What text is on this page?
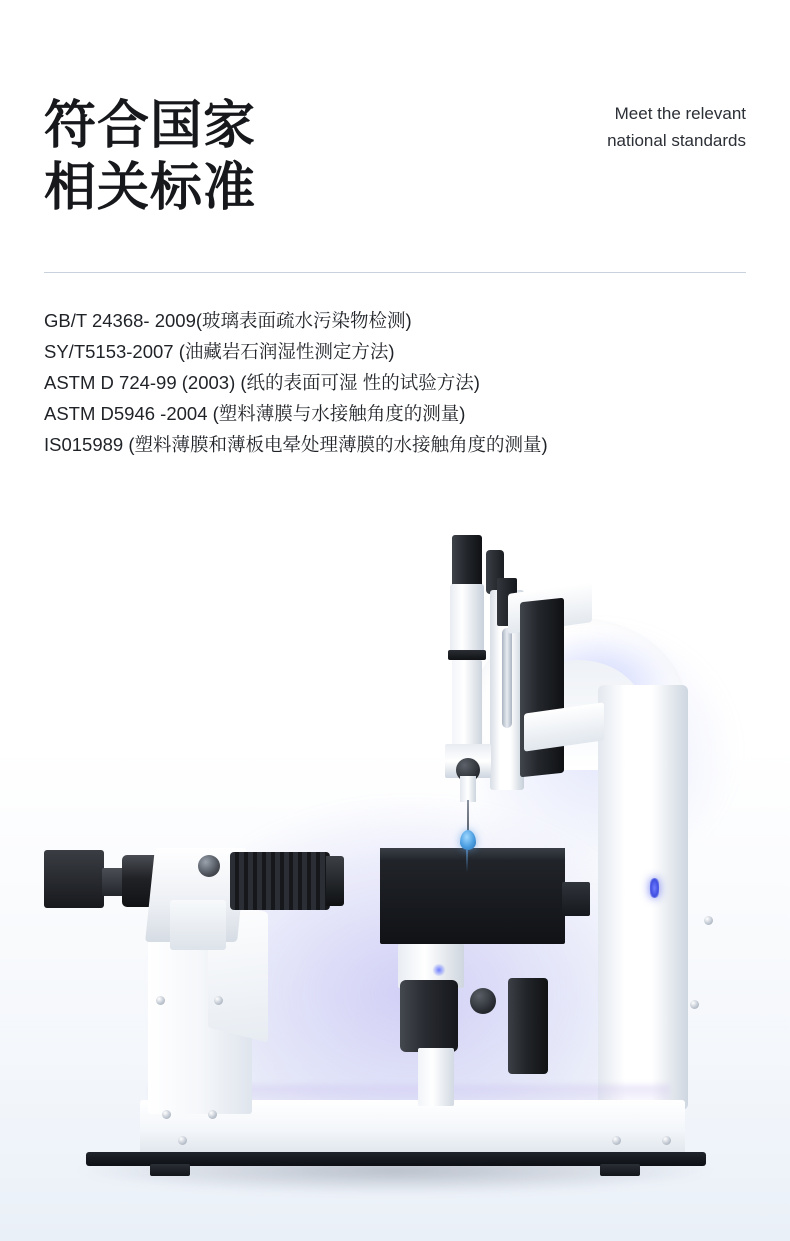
符合国家
相关标准
Meet the relevant
national standards
GB/T 24368- 2009(玻璃表面疏水污染物检测)
SY/T5153-2007 (油藏岩石润湿性测定方法)
ASTM D 724-99 (2003) (纸的表面可湿 性的试验方法)
ASTM D5946 -2004 (塑料薄膜与水接触角度的测量)
IS015989 (塑料薄膜和薄板电晕处理薄膜的水接触角度的测量)
